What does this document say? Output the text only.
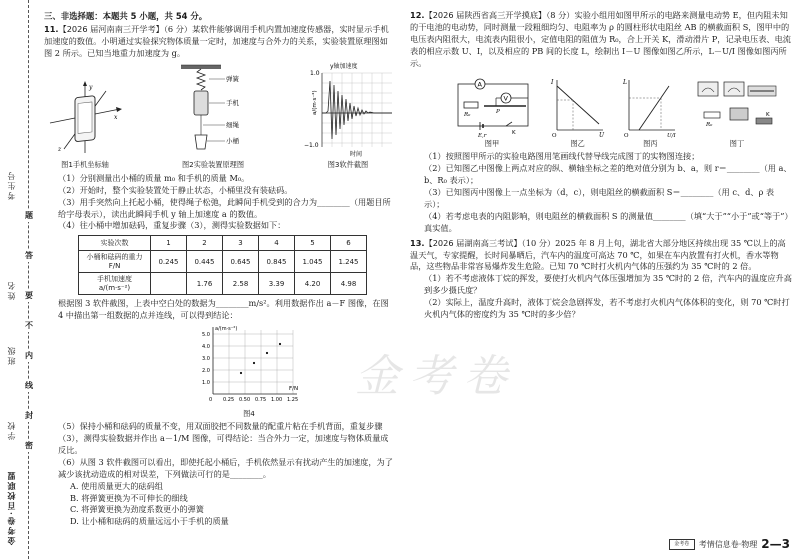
考生号
姓名
班级
学校
金考卷·百校联盟
题
答
要
不
内
线
封
密

三、非选择题：本题共 5 小题，共 54 分。

11.【2026 届河南南三开学考】（6 分）某软件能够调用手机内置加速度传感器，实时显示手机加速度的数值。小明通过实验探究物体质量一定时，加速度与合外力的关系，实验装置原理图如图 2 所示。已知当地重力加速度为 g。

y
x
z
图1手机坐标轴
弹簧
手机
细绳
小桶
图2实验装置原理图
y轴加速度
1.0
−1.0
a/(m·s⁻²)
时间
图3软件截图

（1）分别测量出小桶的质量 m₀ 和手机的质量 M₀。

（2）开始时，整个实验装置处于静止状态，小桶里没有装砝码。

（3）用手突然向上托起小桶，使得绳子松弛，此瞬间手机受到的合力为________（用题目所给字母表示），读出此瞬间手机 y 轴上加速度 a 的数值。

（4）往小桶中增加砝码，重复步骤（3），测得实验数据如下：

实验次数	1	2	3	4	5	6
小桶和砝码的重力 F/N	0.245	0.445	0.645	0.845	1.045	1.245
手机加速度 a/(m·s⁻²)		1.76	2.58	3.39	4.20	4.98

根据图 3 软件截图，上表中空白处的数据为________m/s²。利用数据作出 a－F 图像，在图 4 中描出第一组数据的点并连线，可以得到结论：

a/(m·s⁻²)
F/N
1.0
2.0
3.0
4.0
5.0
0 0.25 0.50 0.75 1.00 1.25
图4

（5）保持小桶和砝码的质量不变，用双面胶把不同数量的配重片粘在手机背面，重复步骤（3），测得实验数据并作出 a－1/M 图像，可得结论：当合外力一定，加速度与物体质量成反比。

（6）从图 3 软件截图可以看出，即使托起小桶后，手机依然显示有扰动产生的加速度，为了减少该扰动造成的相对误差，下列做法可行的是________。

A. 使用质量更大的砝码组

B. 将弹簧更换为不可伸长的细线

C. 将弹簧更换为劲度系数更小的弹簧

D. 让小桶和砝码的质量远远小于手机的质量

12.【2026 届陕西省高三开学摸底】（8 分）实验小组用如图甲所示的电路来测量电动势 E，但内阻未知的干电池的电动势，同时测量一段粗细均匀、电阻率为 ρ 的圆柱形状电阻丝 AB 的横截面积 S，图甲中的电压表内阻很大，电流表内阻很小，定值电阻的阻值为 R₀，合上开关 K，滑动滑片 P，记录电压表、电流表的相应示数 U、I，以及相应的 PB 间的长度 L，绘制出 I－U 图像如图乙所示，L－U/I 图像如图丙所示。

A
V
R₀	P
E,r	K
图甲
I
U
O
图乙
L
U/I
O
图丙
R₀
K
图丁

（1）按照图甲所示的实验电路图用笔画线代替导线完成图丁的实物图连接；

（2）已知图乙中图像上两点对应的纵、横轴坐标之差的绝对值分别为 b、a，则 r＝________（用 a、b、R₀ 表示）；

（3）已知图丙中图像上一点坐标为（d，c），则电阻丝的横截面积 S＝________（用 c、d、ρ 表示）；

（4）若考虑电表的内阻影响，则电阻丝的横截面积 S 的测量值________（填“大于”“小于”或“等于”）真实值。

13.【2026 届湖南高三考试】（10 分）2025 年 8 月上旬，湖北省大部分地区持续出现 35 ℃以上的高温天气，专家提醒，长时间暴晒后，汽车内的温度可高达 70 ℃，如果在车内放置有打火机，香水等物品，这些物品非常容易爆炸发生危险。已知 70 ℃时打火机内气体的压强约为 35 ℃时的 2 倍。

（1）若不考虑液体丁烷的挥发，要使打火机内气体压强增加为 35 ℃时的 2 倍，汽车内的温度应升高到多少摄氏度？

（2）实际上，温度升高时，液体丁烷会急剧挥发，若不考虑打火机内气体体积的变化，则 70 ℃时打火机内气体的密度约为 35 ℃时的多少倍？

金考卷
金考卷	考情信息卷·物理 2—3
